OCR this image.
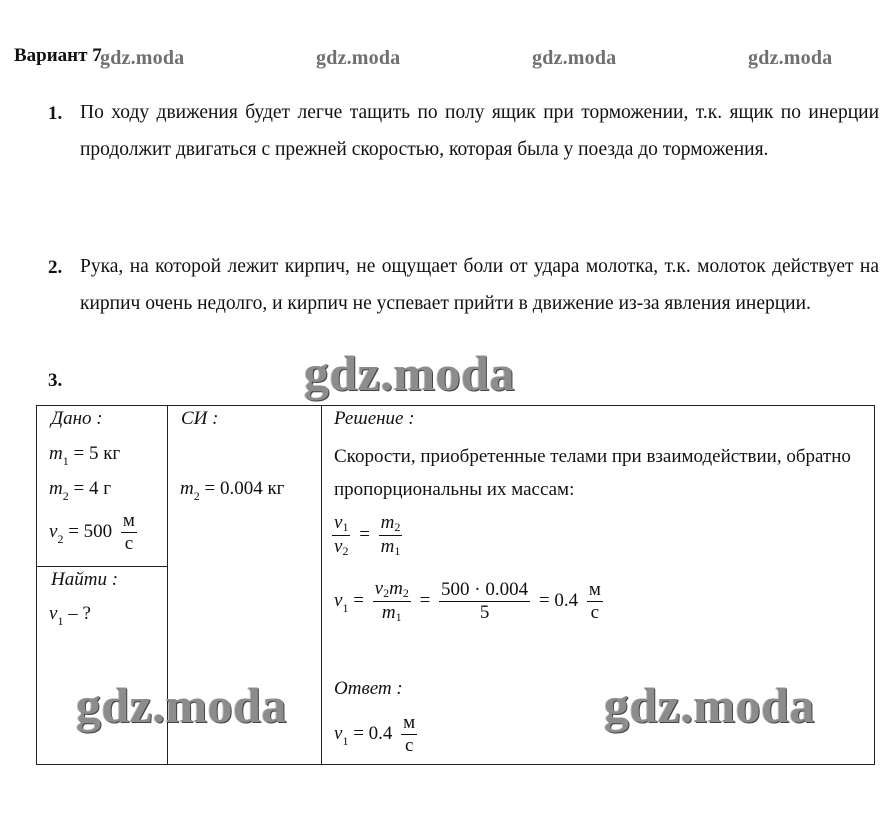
Вариант 7
gdz.moda	gdz.moda	gdz.moda	gdz.moda
1. По ходу движения будет легче тащить по полу ящик при торможении, т.к. ящик по инерции продолжит двигаться с прежней скоростью, которая была у поезда до торможения.
2. Рука, на которой лежит кирпич, не ощущает боли от удара молотка, т.к. молоток действует на кирпич очень недолго, и кирпич не успевает прийти в движение из-за явления инерции.
3.	gdz.moda
Дано :
$m_1 = 5$ кг
$m_2 = 4$ г
$v_2 = 500 \frac{м}{с}$

СИ :
$m_2 = 0.004$ кг

Решение :
Скорости, приобретенные телами при взаимодействии, обратно пропорциональны их массам:
$\frac{v1}{v2} = \frac{m2}{m1}$
$v_1 = \frac{v2m2}{m1} = \frac{500 \cdot 0.004}{5} = 0.4 \frac{м}{с}$
Ответ :
$v_1 = 0.4 \frac{м}{с}$

Найти :
$v_1$ – ?
gdz.moda	gdz.moda
